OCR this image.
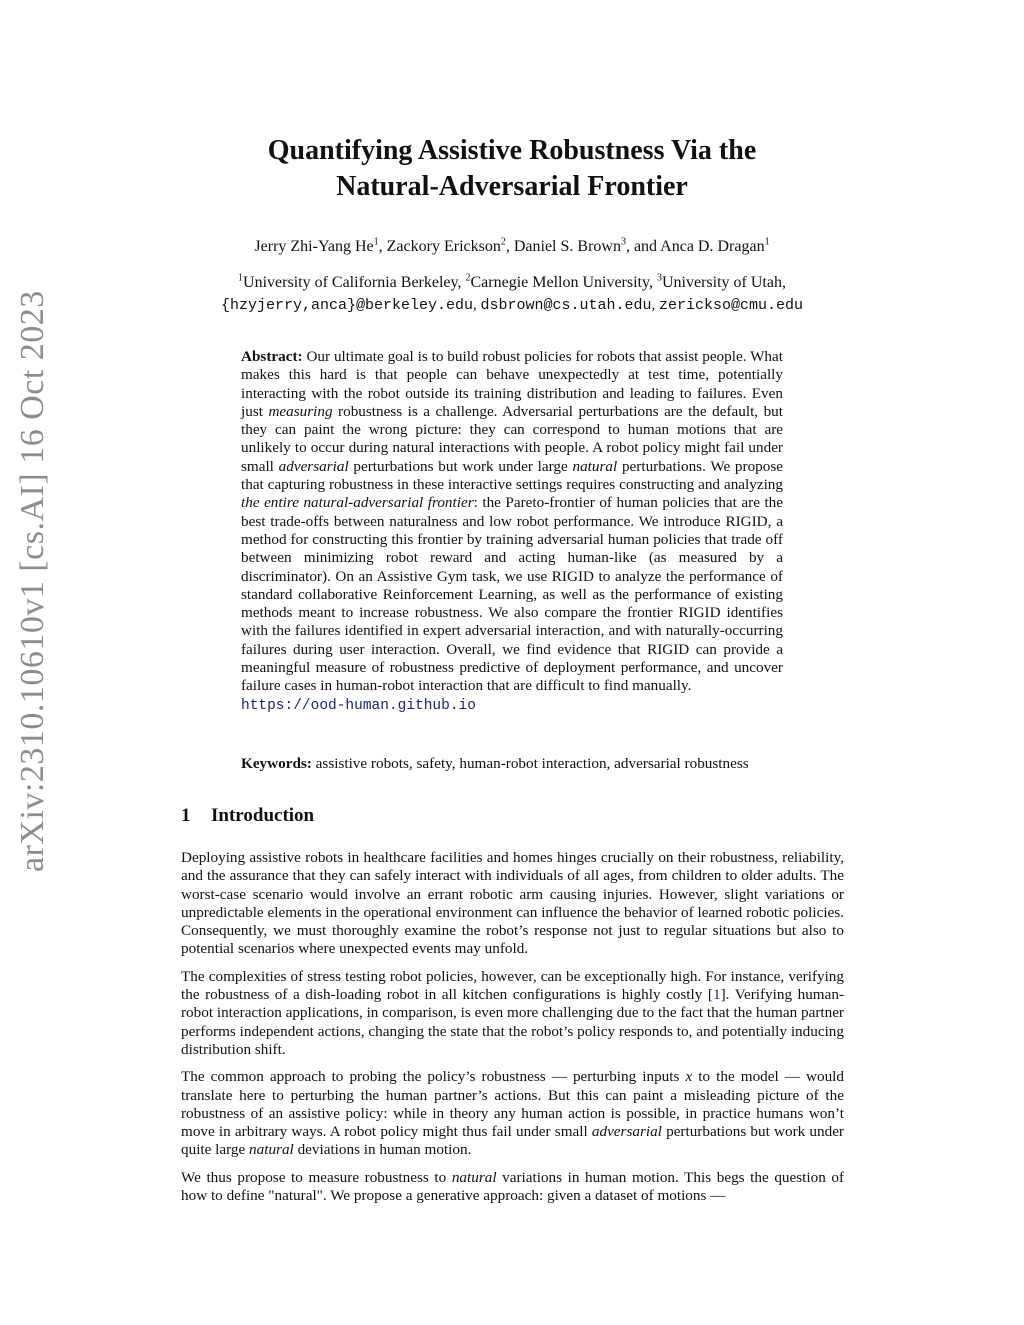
arXiv:2310.10610v1 [cs.AI] 16 Oct 2023
Quantifying Assistive Robustness Via the
Natural-Adversarial Frontier
Jerry Zhi-Yang He$^1$, Zackory Erickson$^2$, Daniel S. Brown$^3$, and Anca D. Dragan$^1$
$^1$University of California Berkeley, $^2$Carnegie Mellon University, $^3$University of Utah,
{hzyjerry,anca}@berkeley.edu, dsbrown@cs.utah.edu, zerickso@cmu.edu
Abstract: Our ultimate goal is to build robust policies for robots that assist people. What makes this hard is that people can behave unexpectedly at test time, potentially interacting with the robot outside its training distribution and leading to failures. Even just measuring robustness is a challenge. Adversarial perturbations are the default, but they can paint the wrong picture: they can correspond to human motions that are unlikely to occur during natural interactions with people. A robot policy might fail under small adversarial perturbations but work under large natural perturbations. We propose that capturing robustness in these interactive settings requires constructing and analyzing the entire natural-adversarial frontier: the Pareto-frontier of human policies that are the best trade-offs between naturalness and low robot performance. We introduce RIGID, a method for constructing this frontier by training adversarial human policies that trade off between minimizing robot reward and acting human-like (as measured by a discriminator). On an Assistive Gym task, we use RIGID to analyze the performance of standard collaborative Reinforcement Learning, as well as the performance of existing methods meant to increase robustness. We also compare the frontier RIGID identifies with the failures identified in expert adversarial interaction, and with naturally-occurring failures during user interaction. Overall, we find evidence that RIGID can provide a meaningful measure of robustness predictive of deployment performance, and uncover failure cases in human-robot interaction that are difficult to find manually.
https://ood-human.github.io
Keywords: assistive robots, safety, human-robot interaction, adversarial robustness
1 Introduction

Deploying assistive robots in healthcare facilities and homes hinges crucially on their robustness, reliability, and the assurance that they can safely interact with individuals of all ages, from children to older adults. The worst-case scenario would involve an errant robotic arm causing injuries. However, slight variations or unpredictable elements in the operational environment can influence the behavior of learned robotic policies. Consequently, we must thoroughly examine the robot’s response not just to regular situations but also to potential scenarios where unexpected events may unfold.

The complexities of stress testing robot policies, however, can be exceptionally high. For instance, verifying the robustness of a dish-loading robot in all kitchen configurations is highly costly [1]. Verifying human-robot interaction applications, in comparison, is even more challenging due to the fact that the human partner performs independent actions, changing the state that the robot’s policy responds to, and potentially inducing distribution shift.

The common approach to probing the policy’s robustness — perturbing inputs x to the model — would translate here to perturbing the human partner’s actions. But this can paint a misleading picture of the robustness of an assistive policy: while in theory any human action is possible, in practice humans won’t move in arbitrary ways. A robot policy might thus fail under small adversarial perturbations but work under quite large natural deviations in human motion.

We thus propose to measure robustness to natural variations in human motion. This begs the question of how to define "natural". We propose a generative approach: given a dataset of motions —
